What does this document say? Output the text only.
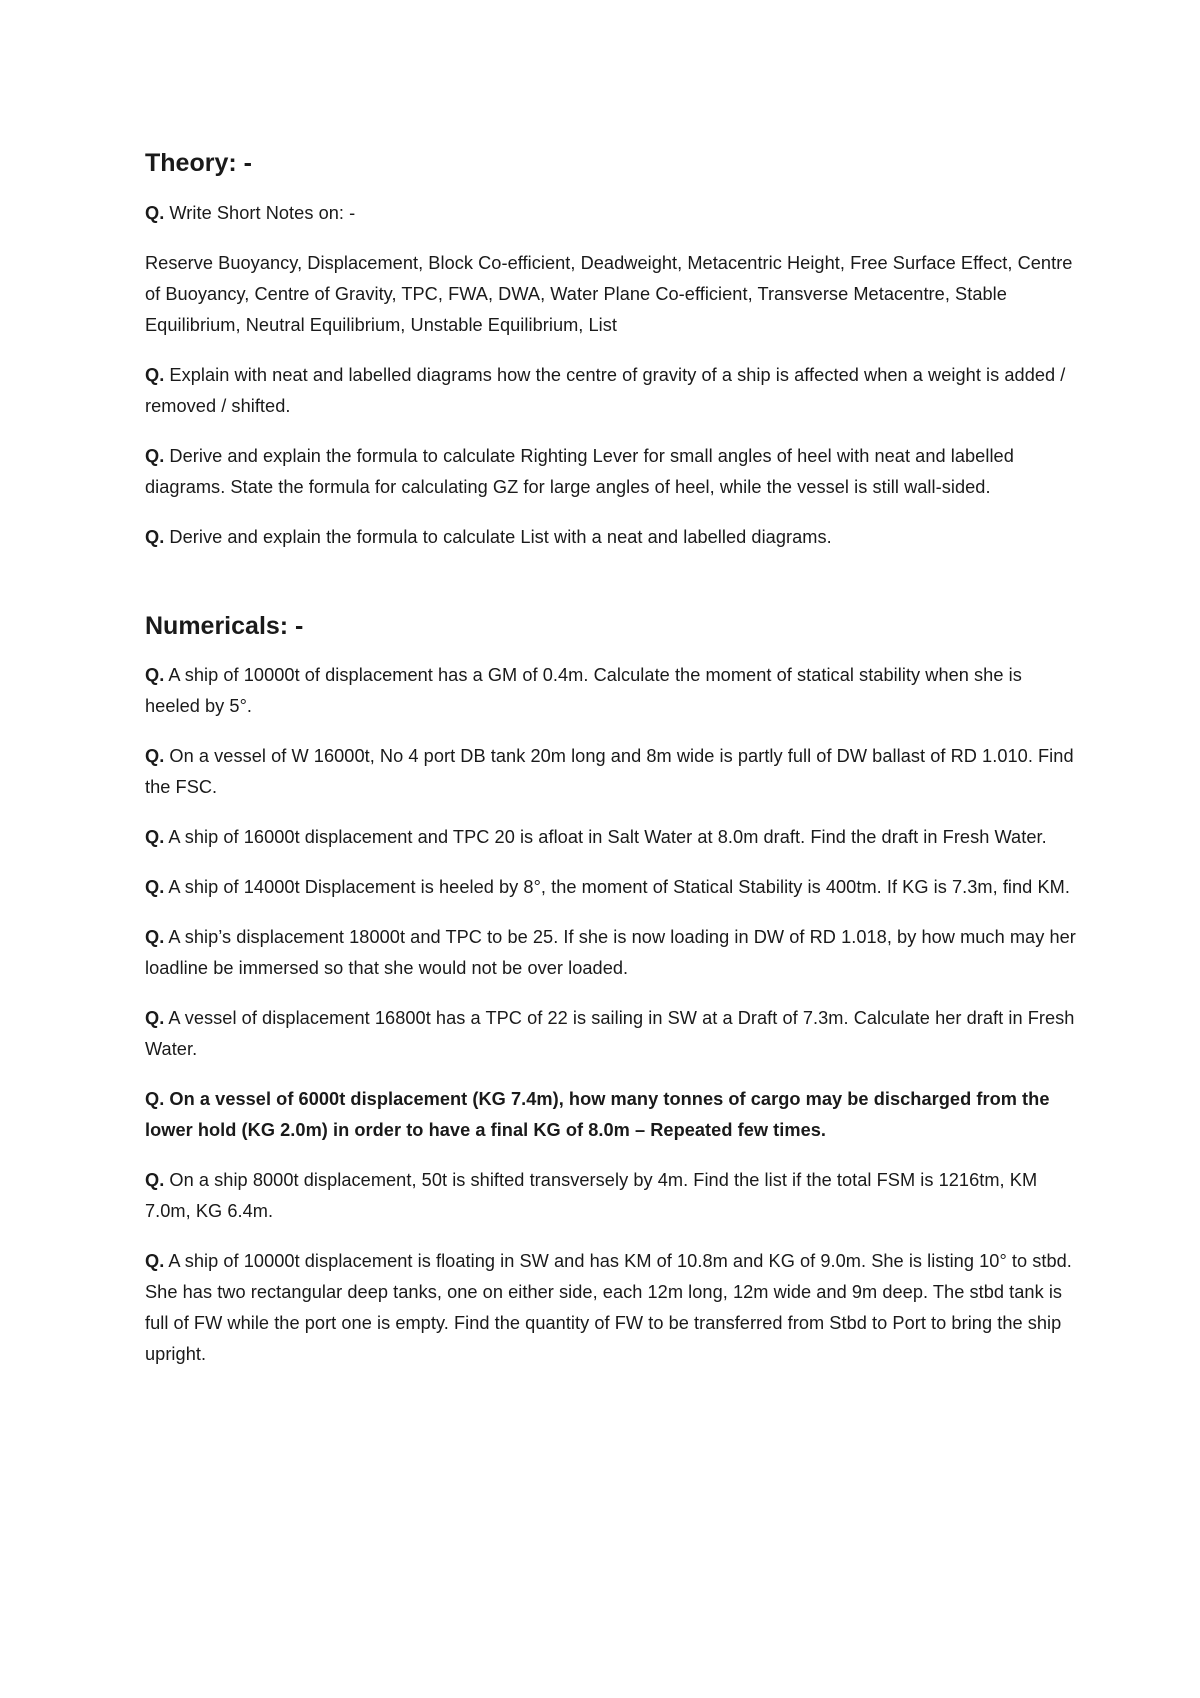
Theory: -

Q. Write Short Notes on: -

Reserve Buoyancy, Displacement, Block Co-efficient, Deadweight, Metacentric Height, Free Surface Effect, Centre of Buoyancy, Centre of Gravity, TPC, FWA, DWA, Water Plane Co-efficient, Transverse Metacentre, Stable Equilibrium, Neutral Equilibrium, Unstable Equilibrium, List

Q. Explain with neat and labelled diagrams how the centre of gravity of a ship is affected when a weight is added / removed / shifted.

Q. Derive and explain the formula to calculate Righting Lever for small angles of heel with neat and labelled diagrams. State the formula for calculating GZ for large angles of heel, while the vessel is still wall-sided.

Q. Derive and explain the formula to calculate List with a neat and labelled diagrams.

Numericals: -

Q. A ship of 10000t of displacement has a GM of 0.4m. Calculate the moment of statical stability when she is heeled by 5°.

Q. On a vessel of W 16000t, No 4 port DB tank 20m long and 8m wide is partly full of DW ballast of RD 1.010. Find the FSC.

Q. A ship of 16000t displacement and TPC 20 is afloat in Salt Water at 8.0m draft. Find the draft in Fresh Water.

Q. A ship of 14000t Displacement is heeled by 8°, the moment of Statical Stability is 400tm. If KG is 7.3m, find KM.

Q. A ship’s displacement 18000t and TPC to be 25. If she is now loading in DW of RD 1.018, by how much may her loadline be immersed so that she would not be over loaded.

Q. A vessel of displacement 16800t has a TPC of 22 is sailing in SW at a Draft of 7.3m. Calculate her draft in Fresh Water.

Q. On a vessel of 6000t displacement (KG 7.4m), how many tonnes of cargo may be discharged from the lower hold (KG 2.0m) in order to have a final KG of 8.0m – Repeated few times.

Q. On a ship 8000t displacement, 50t is shifted transversely by 4m. Find the list if the total FSM is 1216tm, KM 7.0m, KG 6.4m.

Q. A ship of 10000t displacement is floating in SW and has KM of 10.8m and KG of 9.0m. She is listing 10° to stbd. She has two rectangular deep tanks, one on either side, each 12m long, 12m wide and 9m deep. The stbd tank is full of FW while the port one is empty. Find the quantity of FW to be transferred from Stbd to Port to bring the ship upright.
